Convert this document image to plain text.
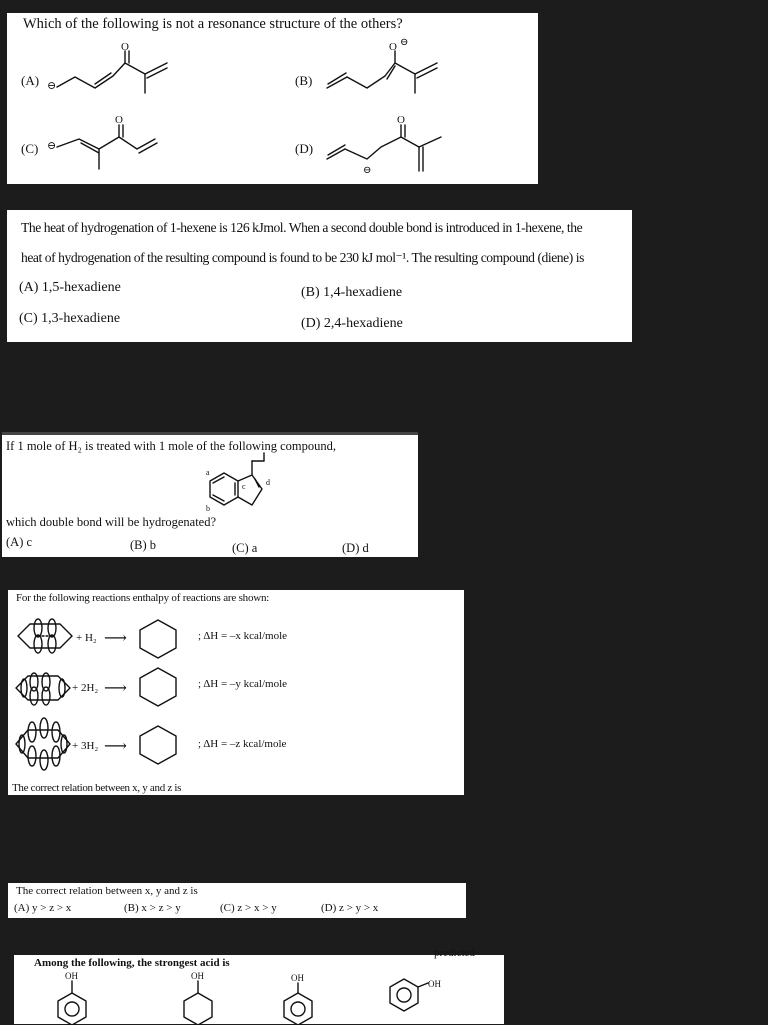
Which of the following is not a resonance structure of the others?
(A)	(B)
(C)	(D)
⊖
O	O ⊖
⊖
O
⊖
O
The heat of hydrogenation of 1-hexene is 126 kJmol. When a second double bond is introduced in 1-hexene, the
heat of hydrogenation of the resulting compound is found to be 230 kJ mol⁻¹. The resulting compound (diene) is
(A) 1,5-hexadiene	(B) 1,4-hexadiene
(C) 1,3-hexadiene	(D) 2,4-hexadiene
If 1 mole of H₂ is treated with 1 mole of the following compound,
a
b
c	d
which double bond will be hydrogenated?
(A) c	(B) b	(C) a	(D) d
For the following reactions enthalpy of reactions are shown:
+ H₂ ⟶	; ΔH = –x kcal/mole
+ 2H₂ ⟶	; ΔH = –y kcal/mole
+ 3H₂ ⟶	; ΔH = –z kcal/mole
The correct relation between x, y and z is
The correct relation between x, y and z is
(A) y > z > x	(B) x > z > y	(C) z > x > y	(D) z > y > x
predicted
Among the following, the strongest acid is
OH	OH	OH
OH
